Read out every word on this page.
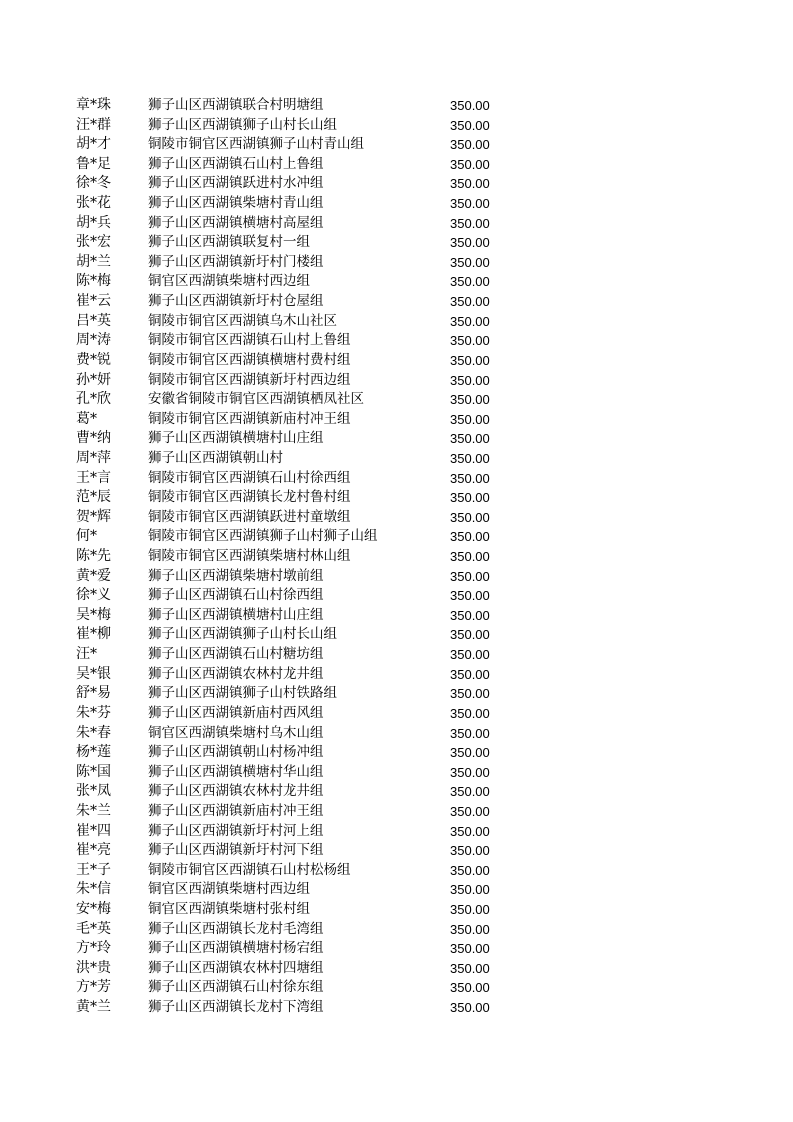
章*珠	狮子山区西湖镇联合村明塘组	350.00
汪*群	狮子山区西湖镇狮子山村长山组	350.00
胡*才	铜陵市铜官区西湖镇狮子山村青山组	350.00
鲁*足	狮子山区西湖镇石山村上鲁组	350.00
徐*冬	狮子山区西湖镇跃进村水冲组	350.00
张*花	狮子山区西湖镇柴塘村青山组	350.00
胡*兵	狮子山区西湖镇横塘村高屋组	350.00
张*宏	狮子山区西湖镇联复村一组	350.00
胡*兰	狮子山区西湖镇新圩村门楼组	350.00
陈*梅	铜官区西湖镇柴塘村西边组	350.00
崔*云	狮子山区西湖镇新圩村仓屋组	350.00
吕*英	铜陵市铜官区西湖镇乌木山社区	350.00
周*涛	铜陵市铜官区西湖镇石山村上鲁组	350.00
费*锐	铜陵市铜官区西湖镇横塘村费村组	350.00
孙*妍	铜陵市铜官区西湖镇新圩村西边组	350.00
孔*欣	安徽省铜陵市铜官区西湖镇栖凤社区	350.00
葛*	铜陵市铜官区西湖镇新庙村冲王组	350.00
曹*纳	狮子山区西湖镇横塘村山庄组	350.00
周*萍	狮子山区西湖镇朝山村	350.00
王*言	铜陵市铜官区西湖镇石山村徐西组	350.00
范*辰	铜陵市铜官区西湖镇长龙村鲁村组	350.00
贺*辉	铜陵市铜官区西湖镇跃进村童墩组	350.00
何*	铜陵市铜官区西湖镇狮子山村狮子山组	350.00
陈*先	铜陵市铜官区西湖镇柴塘村林山组	350.00
黄*爱	狮子山区西湖镇柴塘村墩前组	350.00
徐*义	狮子山区西湖镇石山村徐西组	350.00
吴*梅	狮子山区西湖镇横塘村山庄组	350.00
崔*柳	狮子山区西湖镇狮子山村长山组	350.00
汪*	狮子山区西湖镇石山村糖坊组	350.00
吴*银	狮子山区西湖镇农林村龙井组	350.00
舒*易	狮子山区西湖镇狮子山村铁路组	350.00
朱*芬	狮子山区西湖镇新庙村西风组	350.00
朱*春	铜官区西湖镇柴塘村乌木山组	350.00
杨*莲	狮子山区西湖镇朝山村杨冲组	350.00
陈*国	狮子山区西湖镇横塘村华山组	350.00
张*凤	狮子山区西湖镇农林村龙井组	350.00
朱*兰	狮子山区西湖镇新庙村冲王组	350.00
崔*四	狮子山区西湖镇新圩村河上组	350.00
崔*亮	狮子山区西湖镇新圩村河下组	350.00
王*子	铜陵市铜官区西湖镇石山村松杨组	350.00
朱*信	铜官区西湖镇柴塘村西边组	350.00
安*梅	铜官区西湖镇柴塘村张村组	350.00
毛*英	狮子山区西湖镇长龙村毛湾组	350.00
方*玲	狮子山区西湖镇横塘村杨宕组	350.00
洪*贵	狮子山区西湖镇农林村四塘组	350.00
方*芳	狮子山区西湖镇石山村徐东组	350.00
黄*兰	狮子山区西湖镇长龙村下湾组	350.00
